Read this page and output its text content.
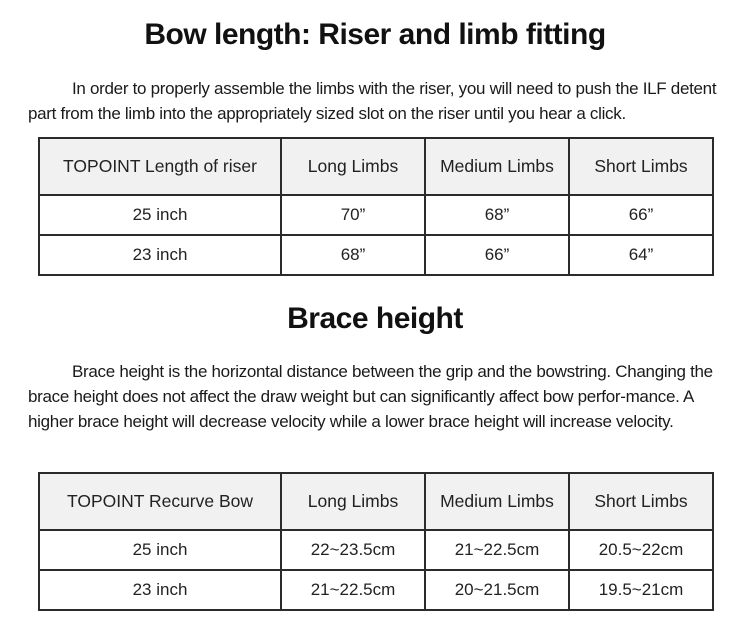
Bow length: Riser and limb fitting

In order to properly assemble the limbs with the riser, you will need to push the ILF detent part from the limb into the appropriately sized slot on the riser until you hear a click.

TOPOINT Length of riser	Long Limbs	Medium Limbs	Short Limbs
25 inch	70”	68”	66”
23 inch	68”	66”	64”
Brace height

Brace height is the horizontal distance between the grip and the bowstring. Changing the brace height does not affect the draw weight but can significantly affect bow perfor-mance. A higher brace height will decrease velocity while a lower brace height will increase velocity.

TOPOINT Recurve Bow	Long Limbs	Medium Limbs	Short Limbs
25 inch	22~23.5cm	21~22.5cm	20.5~22cm
23 inch	21~22.5cm	20~21.5cm	19.5~21cm
